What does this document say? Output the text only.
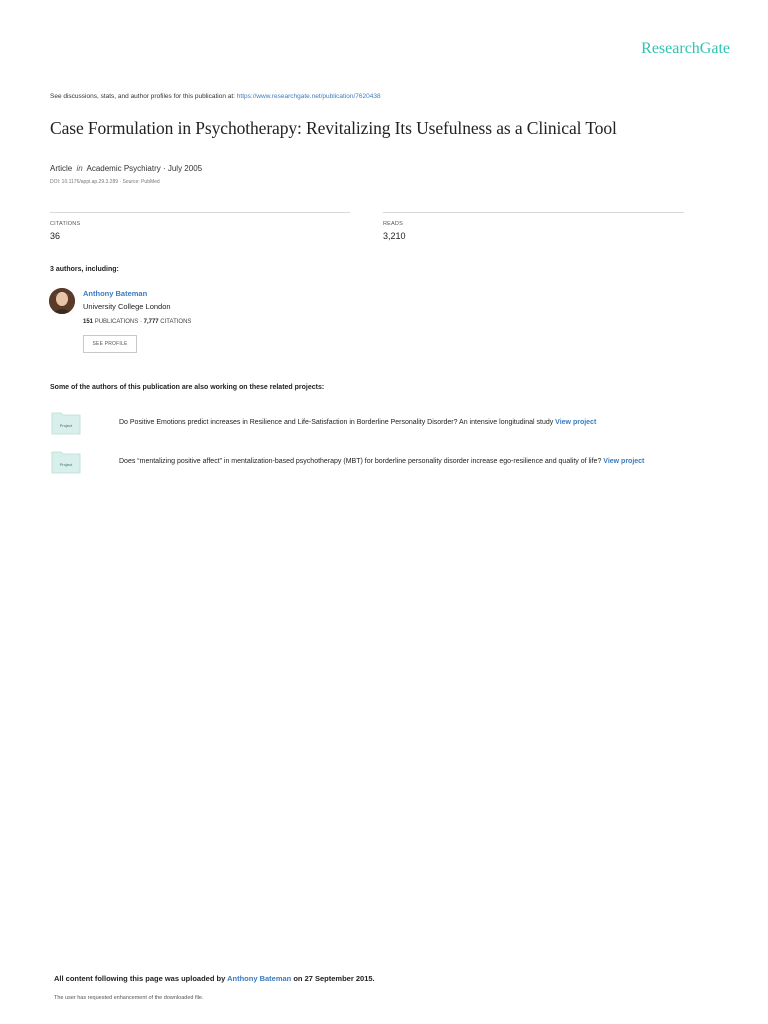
ResearchGate
See discussions, stats, and author profiles for this publication at: https://www.researchgate.net/publication/7620438
Case Formulation in Psychotherapy: Revitalizing Its Usefulness as a Clinical Tool
Article in Academic Psychiatry · July 2005
DOI: 10.1176/appi.ap.29.3.289 · Source: PubMed
CITATIONS
36
READS
3,210
3 authors, including:
Anthony Bateman
University College London
151 PUBLICATIONS · 7,777 CITATIONS
SEE PROFILE
Some of the authors of this publication are also working on these related projects:
Project	Do Positive Emotions predict increases in Resilience and Life-Satisfaction in Borderline Personality Disorder? An intensive longitudinal study View project
Project	Does “mentalizing positive affect” in mentalization-based psychotherapy (MBT) for borderline personality disorder increase ego-resilience and quality of life? View project
All content following this page was uploaded by Anthony Bateman on 27 September 2015.
The user has requested enhancement of the downloaded file.
